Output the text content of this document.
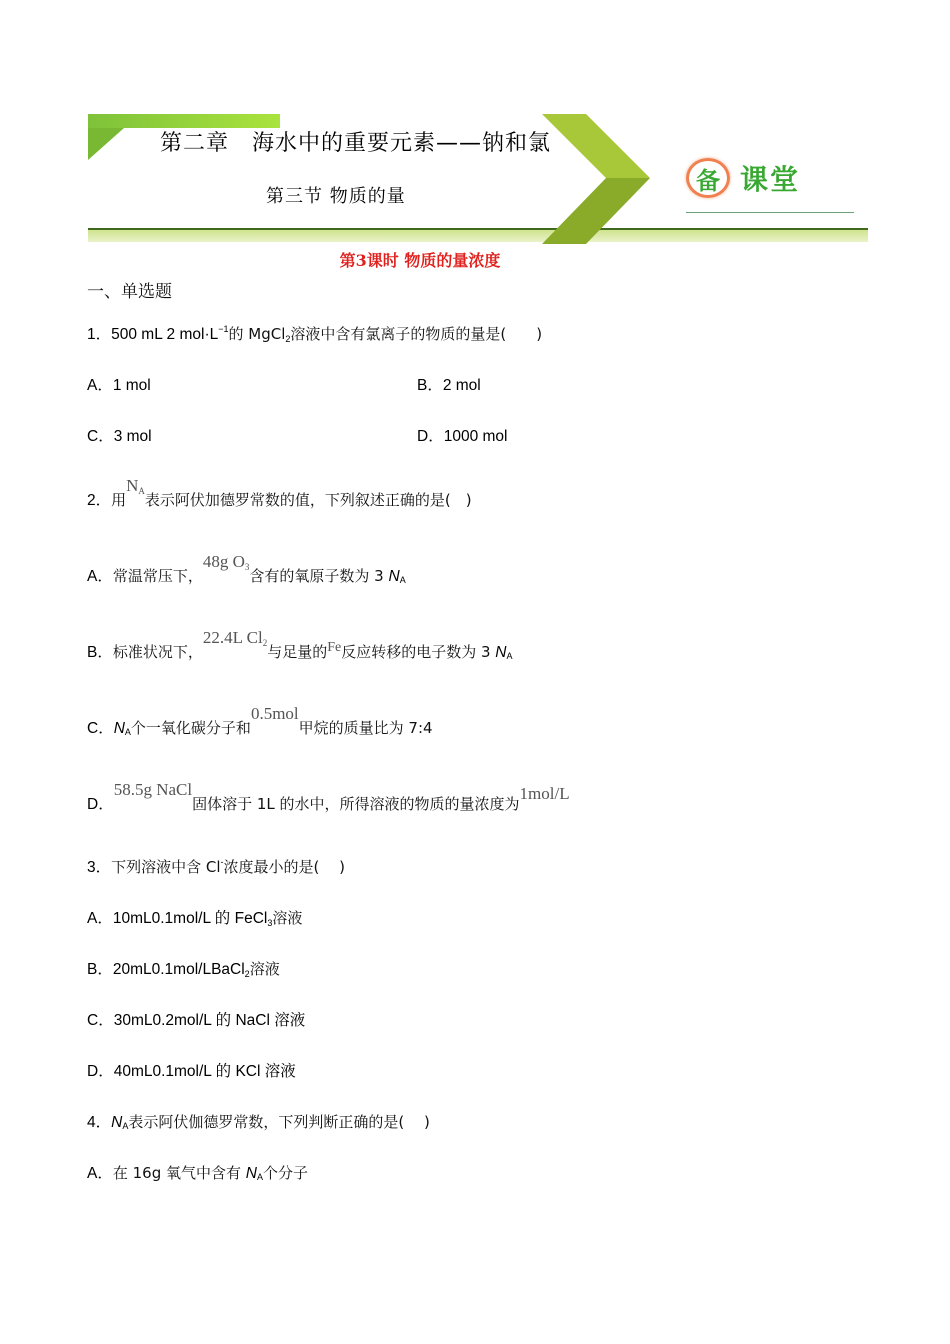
第二章　海水中的重要元素——钠和氯
第三节 物质的量
备 课堂
第3课时 物质的量浓度
一、单选题
1．500 mL 2 $mol\cdot L^{-1}$的 MgCl$_2$溶液中含有氯离子的物质的量是(　　)
A．1 mol	B．2 mol
C．3 mol	D．1000 mol
2．用$N_A$表示阿伏加德罗常数的值，下列叙述正确的是(　)
A．常温常压下，48g $O_3$含有的氧原子数为 3 NA
B．标准状况下，22.4L $Cl_2$与足量的Fe反应转移的电子数为 3 NA
C．NA个一氧化碳分子和0.5mol甲烷的质量比为 7:4
D．58.5g NaCl固体溶于 1L 的水中，所得溶液的物质的量浓度为1mol/L
3．下列溶液中含 Cl-浓度最小的是(　 )
A．10mL0.1mol/L 的 FeCl$_3$溶液
B．20mL0.1mol/LBaCl$_2$溶液
C．30mL0.2mol/L 的 NaCl 溶液
D．40mL0.1mol/L 的 KCl 溶液
4．NA表示阿伏伽德罗常数，下列判断正确的是(　 )
A．在 16g 氧气中含有 NA个分子
